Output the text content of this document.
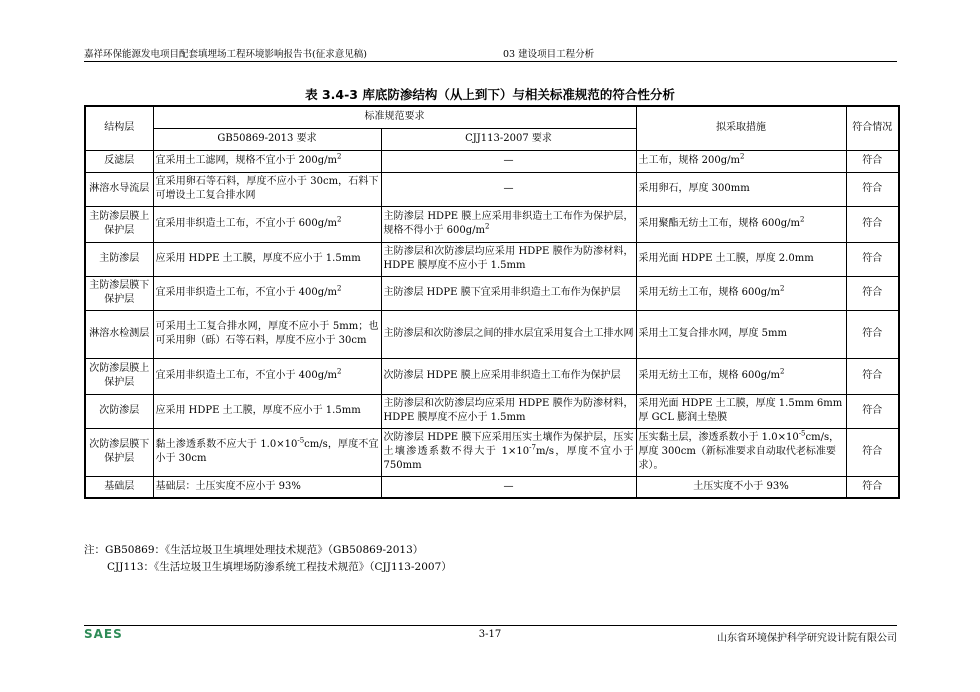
嘉祥环保能源发电项目配套填埋场工程环境影响报告书(征求意见稿)	03 建设项目工程分析
表 3.4-3 库底防渗结构（从上到下）与相关标准规范的符合性分析
结构层	标准规范要求		拟采取措施	符合情况
	GB50869-2013 要求	CJJ113-2007 要求		
反滤层	宜采用土工滤网，规格不宜小于 $200g/m^2$	—	土工布，规格 $200g/m^2$	符合
淋溶水导流层	宜采用卵石等石料，厚度不应小于 30cm，石料下可增设土工复合排水网	—	采用卵石，厚度 300mm	符合
主防渗层膜上保护层	宜采用非织造土工布，不宜小于 $600g/m^2$	主防渗层 HDPE 膜上应采用非织造土工布作为保护层，规格不得小于 $600g/m^2$	采用聚酯无纺土工布，规格 $600g/m^2$	符合
主防渗层	应采用 HDPE 土工膜，厚度不应小于 1.5mm	主防渗层和次防渗层均应采用 HDPE 膜作为防渗材料，HDPE 膜厚度不应小于 1.5mm	采用光面 HDPE 土工膜，厚度 2.0mm	符合
主防渗层膜下保护层	宜采用非织造土工布，不宜小于 $400g/m^2$	主防渗层 HDPE 膜下宜采用非织造土工布作为保护层	采用无纺土工布，规格 $600g/m^2$	符合
淋溶水检测层	可采用土工复合排水网，厚度不应小于 5mm；也可采用卵（砾）石等石料，厚度不应小于 30cm	主防渗层和次防渗层之间的排水层宜采用复合土工排水网	采用土工复合排水网，厚度 5mm	符合
次防渗层膜上保护层	宜采用非织造土工布，不宜小于 $400g/m^2$	次防渗层 HDPE 膜上应采用非织造土工布作为保护层	采用无纺土工布，规格 $600g/m^2$	符合
次防渗层	应采用 HDPE 土工膜，厚度不应小于 1.5mm	主防渗层和次防渗层均应采用 HDPE 膜作为防渗材料，HDPE 膜厚度不应小于 1.5mm	采用光面 HDPE 土工膜，厚度 1.5mm 6mm 厚 GCL 膨润土垫膜	符合
次防渗层膜下保护层	黏土渗透系数不应大于 $1.0\times 10^{-5}cm/s$，厚度不宜小于 30cm	次防渗层 HDPE 膜下应采用压实土壤作为保护层，压实土壤渗透系数不得大于 $1\times 10^{-7}m/s$，厚度不宜小于 750mm	压实黏土层，渗透系数小于 $1.0\times 10^{-5}cm/s$，厚度 300cm（新标准要求自动取代老标准要求）。	符合
基础层	基础层：土压实度不应小于 93%	—	土压实度不小于 93%	符合
注：GB50869：《生活垃圾卫生填埋处理技术规范》（GB50869-2013）
CJJ113：《生活垃圾卫生填埋场防渗系统工程技术规范》（CJJ113-2007）
SAES	3-17	山东省环境保护科学研究设计院有限公司
